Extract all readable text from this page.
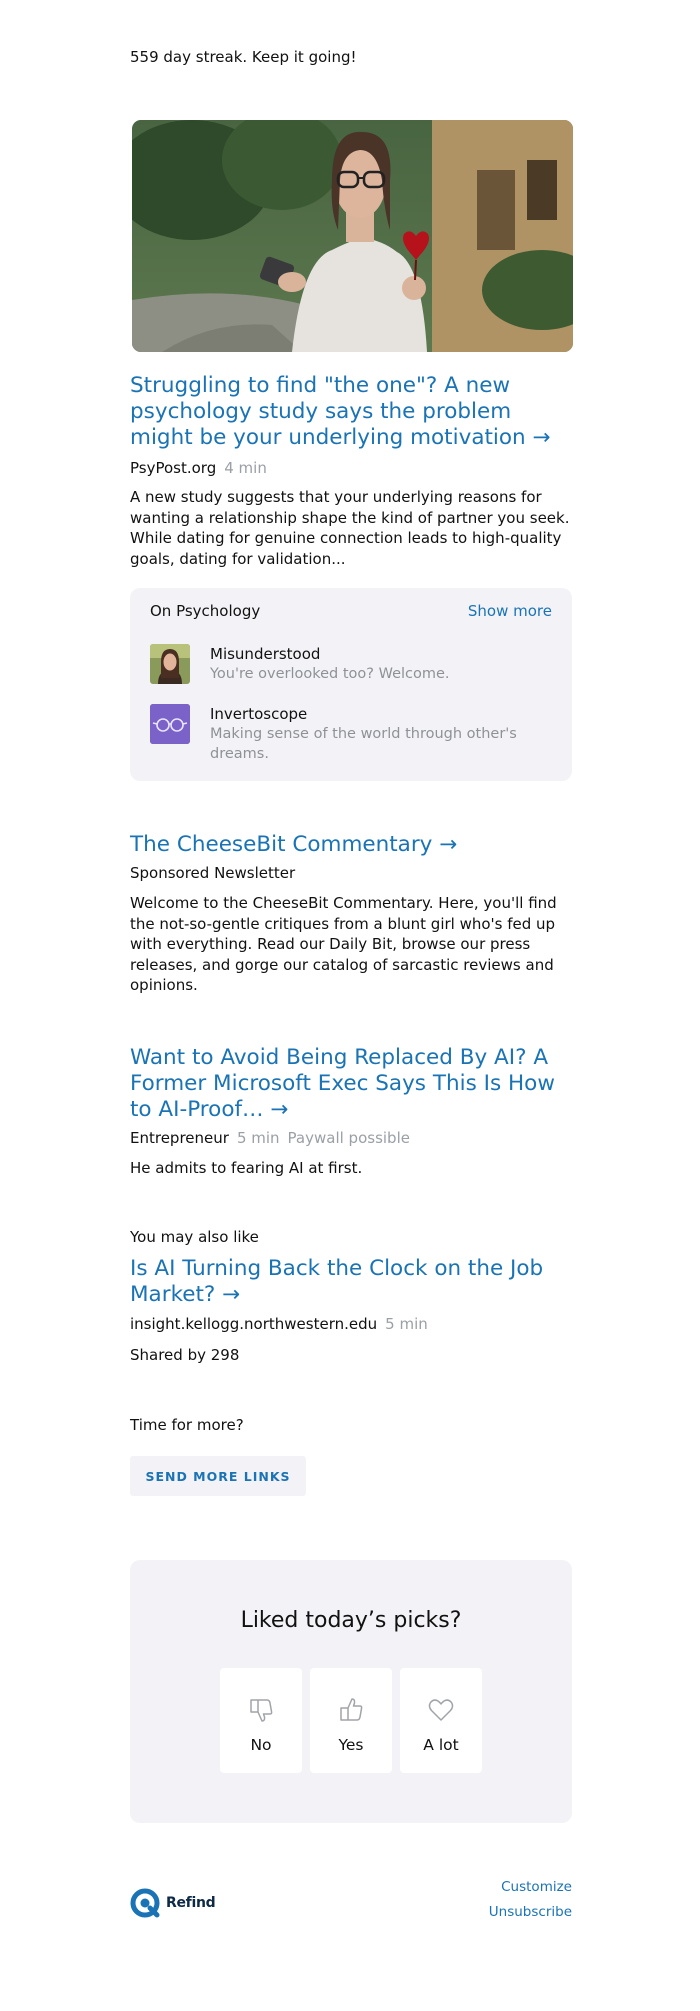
559 day streak. Keep it going!
Struggling to find "the one"? A new psychology study says the problem might be your underlying motivation →
PsyPost.org 4 min
A new study suggests that your underlying reasons for wanting a relationship shape the kind of partner you seek. While dating for genuine connection leads to high-quality goals, dating for validation...
On Psychology	Show more
Misunderstood
You're overlooked too? Welcome.
Invertoscope
Making sense of the world through other's dreams.
The CheeseBit Commentary →
Sponsored Newsletter
Welcome to the CheeseBit Commentary. Here, you'll find the not-so-gentle critiques from a blunt girl who's fed up with everything. Read our Daily Bit, browse our press releases, and gorge our catalog of sarcastic reviews and opinions.
Want to Avoid Being Replaced By AI? A Former Microsoft Exec Says This Is How to AI-Proof… →
Entrepreneur 5 min Paywall possible
He admits to fearing AI at first.
You may also like
Is AI Turning Back the Clock on the Job Market? →
insight.kellogg.northwestern.edu 5 min
Shared by 298
Time for more?
SEND MORE LINKS
Liked today’s picks?
No	Yes	A lot
Refind
Customize
Unsubscribe
